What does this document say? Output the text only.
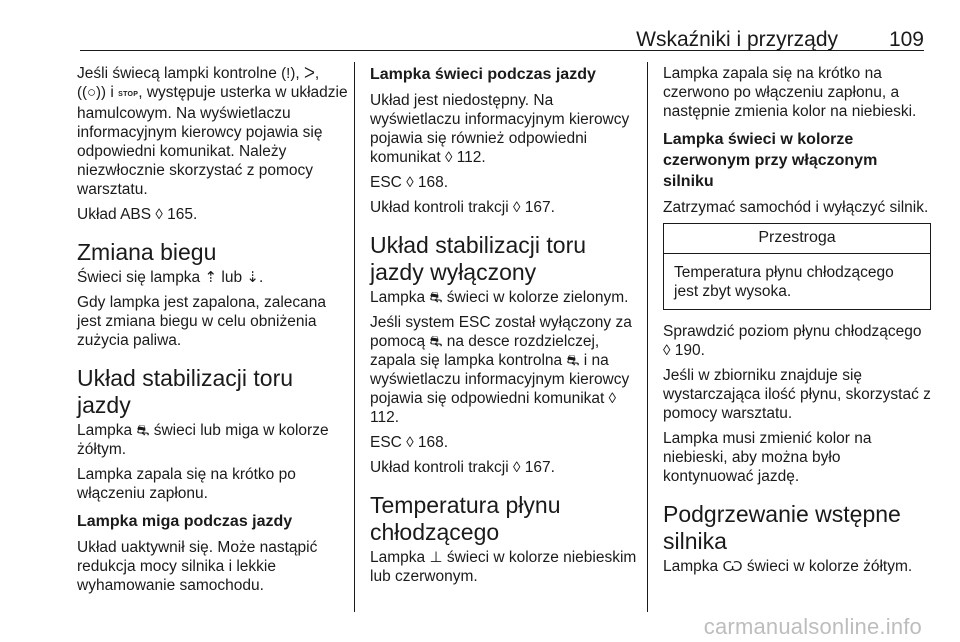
Wskaźniki i przyrządy 109

Jeśli świecą lampki kontrolne (!), ᐳ,
((○)) i STOP, występuje usterka w układzie hamulcowym. Na wyświetlaczu informacyjnym kierowcy pojawia się odpowiedni komunikat. Należy niezwłocznie skorzystać z pomocy warsztatu.

Układ ABS ◊ 165.

Zmiana biegu

Świeci się lampka ⇡ lub ⇣.

Gdy lampka jest zapalona, zalecana jest zmiana biegu w celu obniżenia zużycia paliwa.

Układ stabilizacji toru jazdy

Lampka ⛐ świeci lub miga w kolorze żółtym.

Lampka zapala się na krótko po włączeniu zapłonu.

Lampka miga podczas jazdy

Układ uaktywnił się. Może nastąpić redukcja mocy silnika i lekkie wyhamowanie samochodu.

Lampka świeci podczas jazdy

Układ jest niedostępny. Na wyświetlaczu informacyjnym kierowcy pojawia się również odpowiedni komunikat ◊ 112.

ESC ◊ 168.

Układ kontroli trakcji ◊ 167.

Układ stabilizacji toru jazdy wyłączony

Lampka ⛐ świeci w kolorze zielonym.

Jeśli system ESC został wyłączony za pomocą ⛐ na desce rozdzielczej, zapala się lampka kontrolna ⛐ i na wyświetlaczu informacyjnym kierowcy pojawia się odpowiedni komunikat ◊ 112.

ESC ◊ 168.

Układ kontroli trakcji ◊ 167.

Temperatura płynu chłodzącego

Lampka ⊥ świeci w kolorze niebieskim lub czerwonym.

Lampka zapala się na krótko na czerwono po włączeniu zapłonu, a następnie zmienia kolor na niebieski.

Lampka świeci w kolorze czerwonym przy włączonym silniku

Zatrzymać samochód i wyłączyć silnik.

Przestroga

Temperatura płynu chłodzącego jest zbyt wysoka.

Sprawdzić poziom płynu chłodzącego ◊ 190.

Jeśli w zbiorniku znajduje się wystarczająca ilość płynu, skorzystać z pomocy warsztatu.

Lampka musi zmienić kolor na niebieski, aby można było kontynuować jazdę.

Podgrzewanie wstępne silnika

Lampka Ѡ świeci w kolorze żółtym.

carmanualsonline.info
